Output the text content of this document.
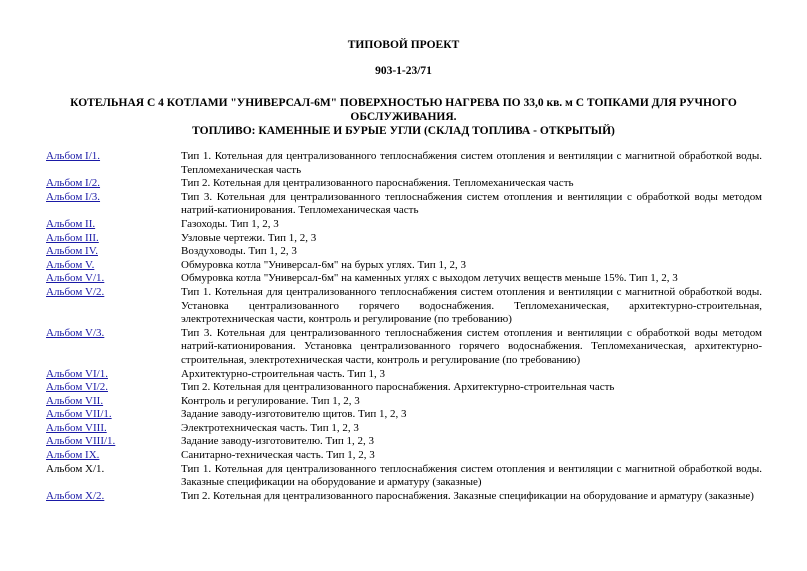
ТИПОВОЙ ПРОЕКТ
903-1-23/71
КОТЕЛЬНАЯ С 4 КОТЛАМИ "УНИВЕРСАЛ-6М" ПОВЕРХНОСТЬЮ НАГРЕВА ПО 33,0 кв. м С ТОПКАМИ ДЛЯ РУЧНОГО
ОБСЛУЖИВАНИЯ.
ТОПЛИВО: КАМЕННЫЕ И БУРЫЕ УГЛИ (СКЛАД ТОПЛИВА - ОТКРЫТЫЙ)
Альбом I/1.	Тип 1. Котельная для централизованного теплоснабжения систем отопления и вентиляции с магнитной обработкой воды. Тепломеханическая часть
Альбом I/2.	Тип 2. Котельная для централизованного пароснабжения. Тепломеханическая часть
Альбом I/3.	Тип 3. Котельная для централизованного теплоснабжения систем отопления и вентиляции с обработкой воды методом натрий-катионирования. Тепломеханическая часть
Альбом II.	Газоходы. Тип 1, 2, 3
Альбом III.	Узловые чертежи. Тип 1, 2, 3
Альбом IV.	Воздуховоды. Тип 1, 2, 3
Альбом V.	Обмуровка котла "Универсал-6м" на бурых углях. Тип 1, 2, 3
Альбом V/1.	Обмуровка котла "Универсал-6м" на каменных углях с выходом летучих веществ меньше 15%. Тип 1, 2, 3
Альбом V/2.	Тип 1. Котельная для централизованного теплоснабжения систем отопления и вентиляции с магнитной обработкой воды. Установка централизованного горячего водоснабжения. Тепломеханическая, архитектурно-строительная, электротехническая части, контроль и регулирование (по требованию)
Альбом V/3.	Тип 3. Котельная для централизованного теплоснабжения систем отопления и вентиляции с обработкой воды методом натрий-катионирования. Установка централизованного горячего водоснабжения. Тепломеханическая, архитектурно-строительная, электротехническая части, контроль и регулирование (по требованию)
Альбом VI/1.	Архитектурно-строительная часть. Тип 1, 3
Альбом VI/2.	Тип 2. Котельная для централизованного пароснабжения. Архитектурно-строительная часть
Альбом VII.	Контроль и регулирование. Тип 1, 2, 3
Альбом VII/1.	Задание заводу-изготовителю щитов. Тип 1, 2, 3
Альбом VIII.	Электротехническая часть. Тип 1, 2, 3
Альбом VIII/1.	Задание заводу-изготовителю. Тип 1, 2, 3
Альбом IX.	Санитарно-техническая часть. Тип 1, 2, 3
Альбом X/1.	Тип 1. Котельная для централизованного теплоснабжения систем отопления и вентиляции с магнитной обработкой воды. Заказные спецификации на оборудование и арматуру (заказные)
Альбом X/2.	Тип 2. Котельная для централизованного пароснабжения. Заказные спецификации на оборудование и арматуру (заказные)
